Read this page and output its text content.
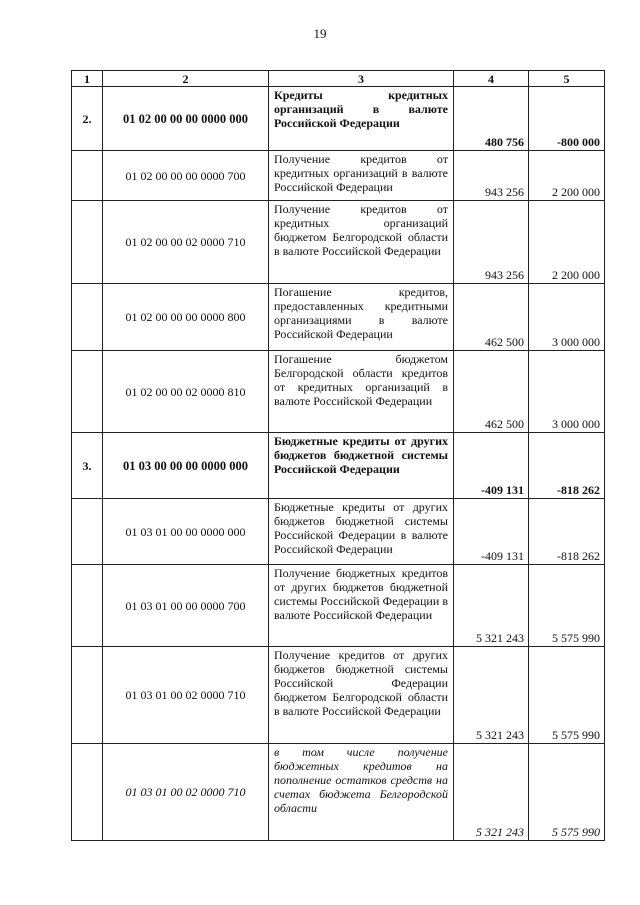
19
1	2	3	4	5
2.	01 02 00 00 00 0000 000	Кредиты кредитных организаций в валюте Российской Федерации	480 756	-800 000
	01 02 00 00 00 0000 700	Получение кредитов от кредитных организаций в валюте Российской Федерации	943 256	2 200 000
	01 02 00 00 02 0000 710	Получение кредитов от кредитных организаций бюджетом Белгородской области в валюте Российской Федерации	943 256	2 200 000
	01 02 00 00 00 0000 800	Погашение кредитов, предоставленных кредитными организациями в валюте Российской Федерации	462 500	3 000 000
	01 02 00 00 02 0000 810	Погашение бюджетом Белгородской области кредитов от кредитных организаций в валюте Российской Федерации	462 500	3 000 000
3.	01 03 00 00 00 0000 000	Бюджетные кредиты от других бюджетов бюджетной системы Российской Федерации	-409 131	-818 262
	01 03 01 00 00 0000 000	Бюджетные кредиты от других бюджетов бюджетной системы Российской Федерации в валюте Российской Федерации	-409 131	-818 262
	01 03 01 00 00 0000 700	Получение бюджетных кредитов от других бюджетов бюджетной системы Российской Федерации в валюте Российской Федерации	5 321 243	5 575 990
	01 03 01 00 02 0000 710	Получение кредитов от других бюджетов бюджетной системы Российской Федерации бюджетом Белгородской области в валюте Российской Федерации	5 321 243	5 575 990
	01 03 01 00 02 0000 710	в том числе получение бюджетных кредитов на пополнение остатков средств на счетах бюджета Белгородской области	5 321 243	5 575 990
